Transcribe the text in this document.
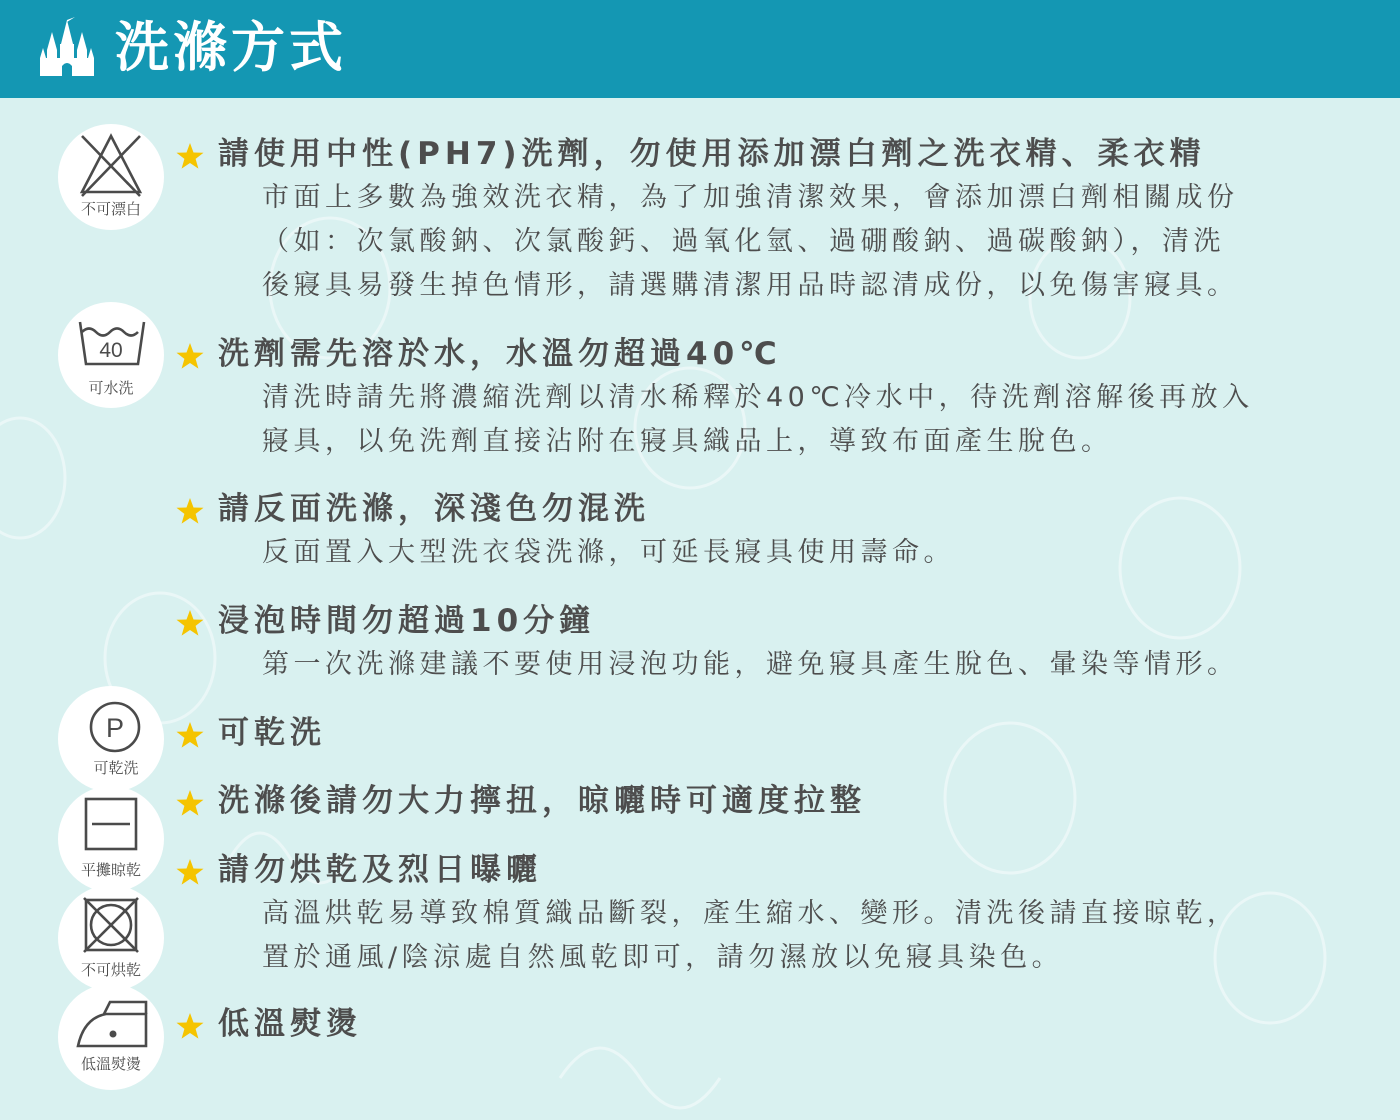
洗滌方式
不可漂白
40
可水洗
P
可乾洗
平攤晾乾
不可烘乾
低溫熨燙
請使用中性(PH7)洗劑，勿使用添加漂白劑之洗衣精、柔衣精
市面上多數為強效洗衣精，為了加強清潔效果，會添加漂白劑相關成份
（如：次氯酸鈉、次氯酸鈣、過氧化氫、過硼酸鈉、過碳酸鈉），清洗
後寢具易發生掉色情形，請選購清潔用品時認清成份，以免傷害寢具。
洗劑需先溶於水，水溫勿超過40℃
清洗時請先將濃縮洗劑以清水稀釋於40℃冷水中，待洗劑溶解後再放入
寢具，以免洗劑直接沾附在寢具織品上，導致布面產生脫色。
請反面洗滌，深淺色勿混洗
反面置入大型洗衣袋洗滌，可延長寢具使用壽命。
浸泡時間勿超過10分鐘
第一次洗滌建議不要使用浸泡功能，避免寢具產生脫色、暈染等情形。
可乾洗
洗滌後請勿大力擰扭，晾曬時可適度拉整
請勿烘乾及烈日曝曬
高溫烘乾易導致棉質織品斷裂，產生縮水、變形。清洗後請直接晾乾，
置於通風/陰涼處自然風乾即可，請勿濕放以免寢具染色。
低溫熨燙
